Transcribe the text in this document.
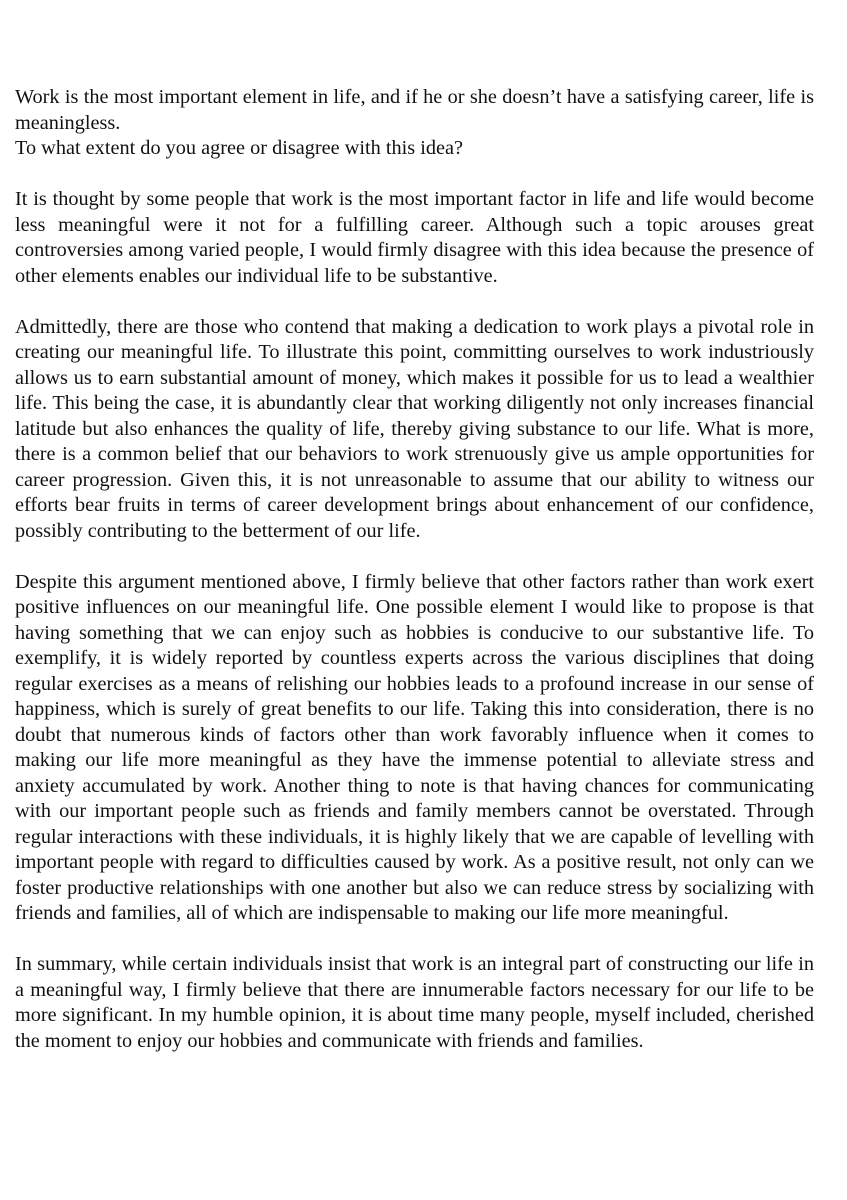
Work is the most important element in life, and if he or she doesn’t have a satisfying career, life is meaningless.
To what extent do you agree or disagree with this idea?

It is thought by some people that work is the most important factor in life and life would become less meaningful were it not for a fulfilling career. Although such a topic arouses great controversies among varied people, I would firmly disagree with this idea because the presence of other elements enables our individual life to be substantive.

Admittedly, there are those who contend that making a dedication to work plays a pivotal role in creating our meaningful life. To illustrate this point, committing ourselves to work industriously allows us to earn substantial amount of money, which makes it possible for us to lead a wealthier life. This being the case, it is abundantly clear that working diligently not only increases financial latitude but also enhances the quality of life, thereby giving substance to our life. What is more, there is a common belief that our behaviors to work strenuously give us ample opportunities for career progression. Given this, it is not unreasonable to assume that our ability to witness our efforts bear fruits in terms of career development brings about enhancement of our confidence, possibly contributing to the betterment of our life.

Despite this argument mentioned above, I firmly believe that other factors rather than work exert positive influences on our meaningful life. One possible element I would like to propose is that having something that we can enjoy such as hobbies is conducive to our substantive life. To exemplify, it is widely reported by countless experts across the various disciplines that doing regular exercises as a means of relishing our hobbies leads to a profound increase in our sense of happiness, which is surely of great benefits to our life. Taking this into consideration, there is no doubt that numerous kinds of factors other than work favorably influence when it comes to making our life more meaningful as they have the immense potential to alleviate stress and anxiety accumulated by work. Another thing to note is that having chances for communicating with our important people such as friends and family members cannot be overstated. Through regular interactions with these individuals, it is highly likely that we are capable of levelling with important people with regard to difficulties caused by work. As a positive result, not only can we foster productive relationships with one another but also we can reduce stress by socializing with friends and families, all of which are indispensable to making our life more meaningful.

In summary, while certain individuals insist that work is an integral part of constructing our life in a meaningful way, I firmly believe that there are innumerable factors necessary for our life to be more significant. In my humble opinion, it is about time many people, myself included, cherished the moment to enjoy our hobbies and communicate with friends and families.
